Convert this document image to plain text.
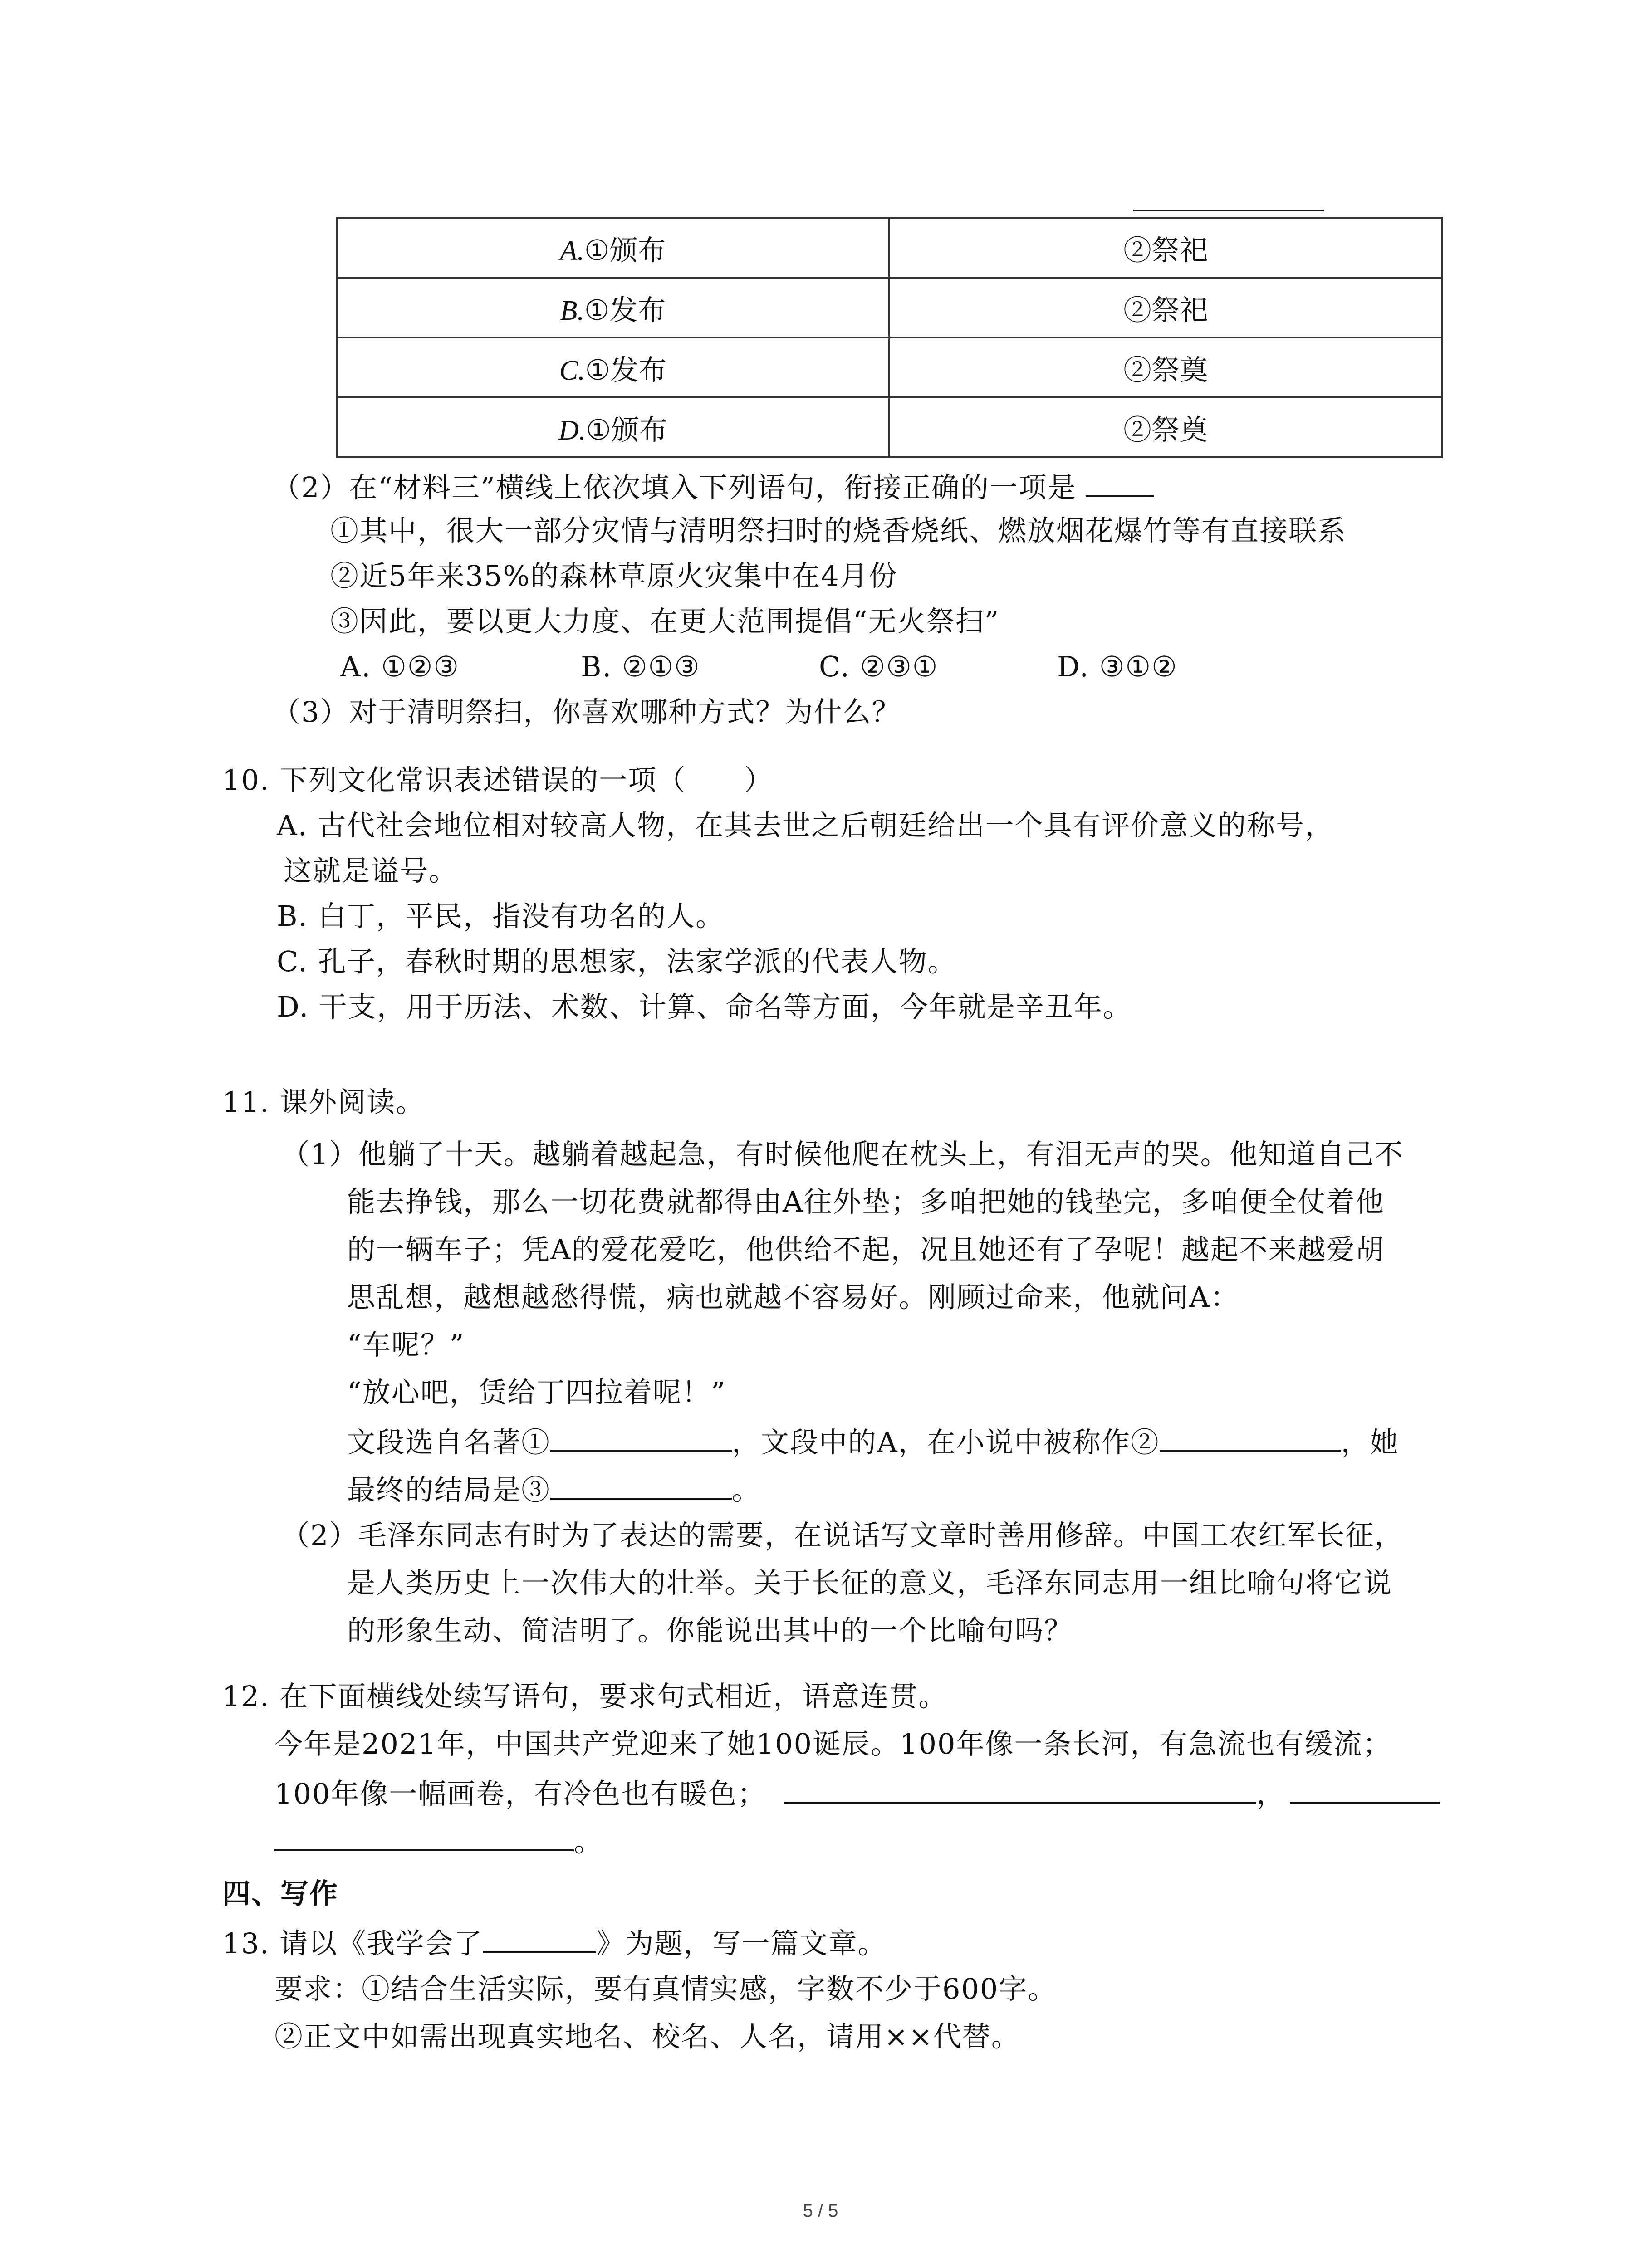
A.①颁布	②祭祀
B.①发布	②祭祀
C.①发布	②祭奠
D.①颁布	②祭奠
（2）在“材料三”横线上依次填入下列语句，衔接正确的一项是
①其中，很大一部分灾情与清明祭扫时的烧香烧纸、燃放烟花爆竹等有直接联系
②近5年来35%的森林草原火灾集中在4月份
③因此，要以更大力度、在更大范围提倡“无火祭扫”
A. ①②③	B. ②①③	C. ②③①	D. ③①②
（3）对于清明祭扫，你喜欢哪种方式？为什么？
10. 下列文化常识表述错误的一项（　　）
A. 古代社会地位相对较高人物，在其去世之后朝廷给出一个具有评价意义的称号，
这就是谥号。
B. 白丁，平民，指没有功名的人。
C. 孔子，春秋时期的思想家，法家学派的代表人物。
D. 干支，用于历法、术数、计算、命名等方面，今年就是辛丑年。
11. 课外阅读。
（1）他躺了十天。越躺着越起急，有时候他爬在枕头上，有泪无声的哭。他知道自己不
能去挣钱，那么一切花费就都得由A往外垫；多咱把她的钱垫完，多咱便全仗着他
的一辆车子；凭A的爱花爱吃，他供给不起，况且她还有了孕呢！越起不来越爱胡
思乱想，越想越愁得慌，病也就越不容易好。刚顾过命来，他就问A：
“车呢？”
“放心吧，赁给丁四拉着呢！”
文段选自名著①	，文段中的A，在小说中被称作②	，她
最终的结局是③	。
（2）毛泽东同志有时为了表达的需要，在说话写文章时善用修辞。中国工农红军长征，
是人类历史上一次伟大的壮举。关于长征的意义，毛泽东同志用一组比喻句将它说
的形象生动、简洁明了。你能说出其中的一个比喻句吗？
12. 在下面横线处续写语句，要求句式相近，语意连贯。
今年是2021年，中国共产党迎来了她100诞辰。100年像一条长河，有急流也有缓流；
100年像一幅画卷，有冷色也有暖色；	，
。
四、写作
13. 请以《我学会了	》为题，写一篇文章。
要求：①结合生活实际，要有真情实感，字数不少于600字。
②正文中如需出现真实地名、校名、人名，请用××代替。
5 / 5
